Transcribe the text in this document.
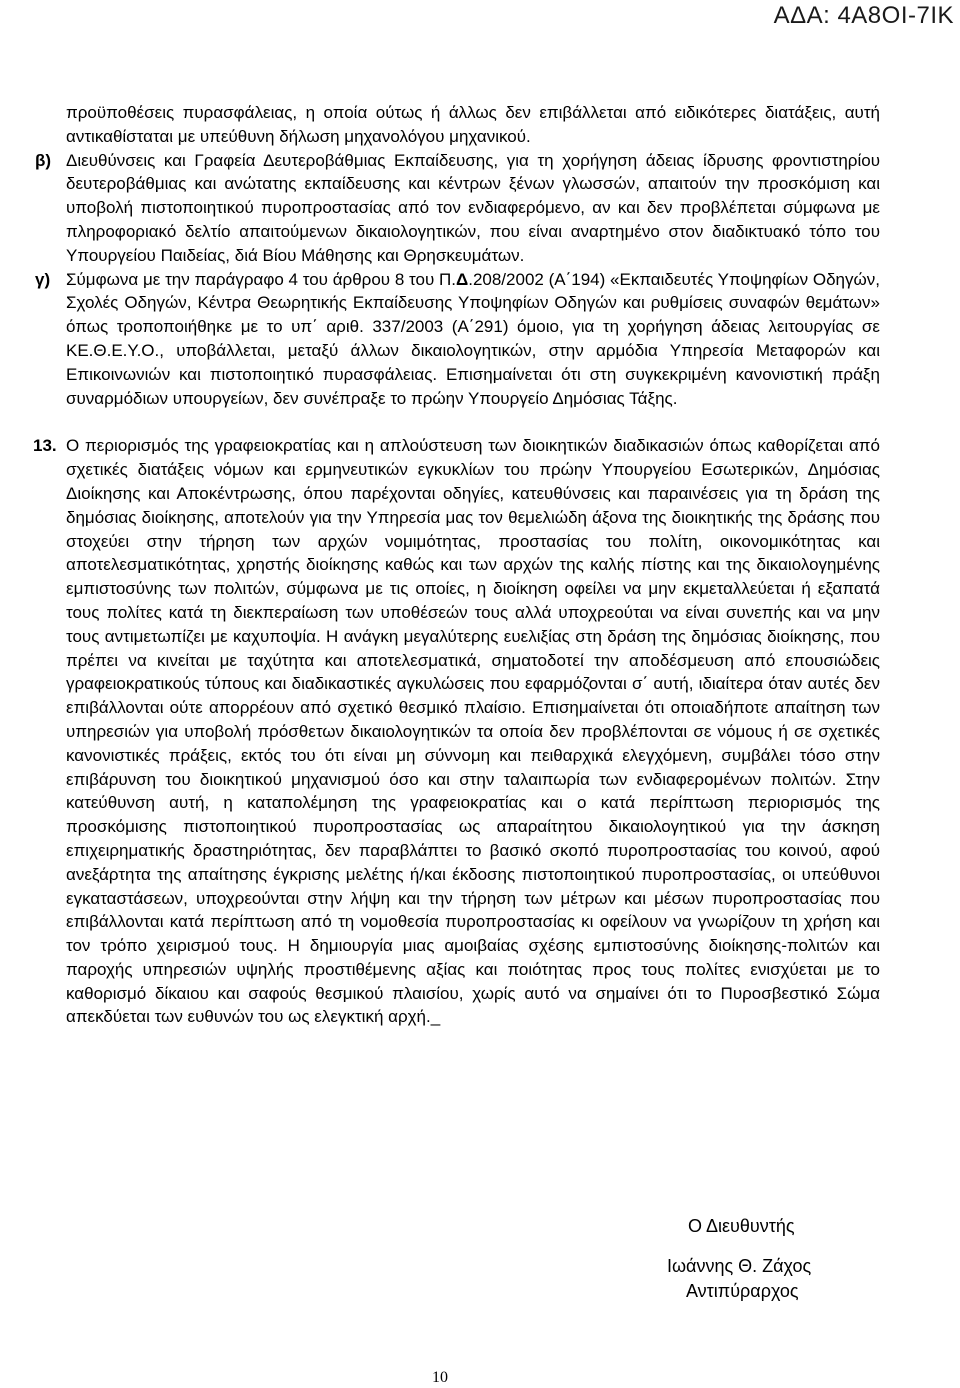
ΑΔΑ: 4Α8ΟΙ-7ΙΚ

προϋποθέσεις πυρασφάλειας, η οποία ούτως ή άλλως δεν επιβάλλεται από ειδικότερες διατάξεις, αυτή αντικαθίσταται με υπεύθυνη δήλωση μηχανολόγου μηχανικού.

β) Διευθύνσεις και Γραφεία Δευτεροβάθμιας Εκπαίδευσης, για τη χορήγηση άδειας ίδρυσης φροντιστηρίου δευτεροβάθμιας και ανώτατης εκπαίδευσης και κέντρων ξένων γλωσσών, απαιτούν την προσκόμιση και υποβολή πιστοποιητικού πυροπροστασίας από τον ενδιαφερόμενο, αν και δεν προβλέπεται σύμφωνα με πληροφοριακό δελτίο απαιτούμενων δικαιολογητικών, που είναι αναρτημένο στον διαδικτυακό τόπο του Υπουργείου Παιδείας, διά Βίου Μάθησης και Θρησκευμάτων.
γ) Σύμφωνα με την παράγραφο 4 του άρθρου 8 του Π.Δ.208/2002 (Α΄194) «Εκπαιδευτές Υποψηφίων Οδηγών, Σχολές Οδηγών, Κέντρα Θεωρητικής Εκπαίδευσης Υποψηφίων Οδηγών και ρυθμίσεις συναφών θεμάτων» όπως τροποποιήθηκε με το υπ΄ αριθ. 337/2003 (Α΄291) όμοιο, για τη χορήγηση άδειας λειτουργίας σε ΚΕ.Θ.Ε.Υ.Ο., υποβάλλεται, μεταξύ άλλων δικαιολογητικών, στην αρμόδια Υπηρεσία Μεταφορών και Επικοινωνιών και πιστοποιητικό πυρασφάλειας. Επισημαίνεται ότι στη συγκεκριμένη κανονιστική πράξη συναρμόδιων υπουργείων, δεν συνέπραξε το πρώην Υπουργείο Δημόσιας Τάξης.
13. Ο περιορισμός της γραφειοκρατίας και η απλούστευση των διοικητικών διαδικασιών όπως καθορίζεται από σχετικές διατάξεις νόμων και ερμηνευτικών εγκυκλίων του πρώην Υπουργείου Εσωτερικών, Δημόσιας Διοίκησης και Αποκέντρωσης, όπου παρέχονται οδηγίες, κατευθύνσεις και παραινέσεις για τη δράση της δημόσιας διοίκησης, αποτελούν για την Υπηρεσία μας τον θεμελιώδη άξονα της διοικητικής της δράσης που στοχεύει στην τήρηση των αρχών νομιμότητας, προστασίας του πολίτη, οικονομικότητας και αποτελεσματικότητας, χρηστής διοίκησης καθώς και των αρχών της καλής πίστης και της δικαιολογημένης εμπιστοσύνης των πολιτών, σύμφωνα με τις οποίες, η διοίκηση οφείλει να μην εκμεταλλεύεται ή εξαπατά τους πολίτες κατά τη διεκπεραίωση των υποθέσεών τους αλλά υποχρεούται να είναι συνεπής και να μην τους αντιμετωπίζει με καχυποψία. Η ανάγκη μεγαλύτερης ευελιξίας στη δράση της δημόσιας διοίκησης, που πρέπει να κινείται με ταχύτητα και αποτελεσματικά, σηματοδοτεί την αποδέσμευση από επουσιώδεις γραφειοκρατικούς τύπους και διαδικαστικές αγκυλώσεις που εφαρμόζονται σ΄ αυτή, ιδιαίτερα όταν αυτές δεν επιβάλλονται ούτε απορρέουν από σχετικό θεσμικό πλαίσιο. Επισημαίνεται ότι οποιαδήποτε απαίτηση των υπηρεσιών για υποβολή πρόσθετων δικαιολογητικών τα οποία δεν προβλέπονται σε νόμους ή σε σχετικές κανονιστικές πράξεις, εκτός του ότι είναι μη σύννομη και πειθαρχικά ελεγχόμενη, συμβάλει τόσο στην επιβάρυνση του διοικητικού μηχανισμού όσο και στην ταλαιπωρία των ενδιαφερομένων πολιτών. Στην κατεύθυνση αυτή, η καταπολέμηση της γραφειοκρατίας και ο κατά περίπτωση περιορισμός της προσκόμισης πιστοποιητικού πυροπροστασίας ως απαραίτητου δικαιολογητικού για την άσκηση επιχειρηματικής δραστηριότητας, δεν παραβλάπτει το βασικό σκοπό πυροπροστασίας του κοινού, αφού ανεξάρτητα της απαίτησης έγκρισης μελέτης ή/και έκδοσης πιστοποιητικού πυροπροστασίας, οι υπεύθυνοι εγκαταστάσεων, υποχρεούνται στην λήψη και την τήρηση των μέτρων και μέσων πυροπροστασίας που επιβάλλονται κατά περίπτωση από τη νομοθεσία πυροπροστασίας κι οφείλουν να γνωρίζουν τη χρήση και τον τρόπο χειρισμού τους. Η δημιουργία μιας αμοιβαίας σχέσης εμπιστοσύνης διοίκησης-πολιτών και παροχής υπηρεσιών υψηλής προστιθέμενης αξίας και ποιότητας προς τους πολίτες ενισχύεται με το καθορισμό δίκαιου και σαφούς θεσμικού πλαισίου, χωρίς αυτό να σημαίνει ότι το Πυροσβεστικό Σώμα απεκδύεται των ευθυνών του ως ελεγκτική αρχή._
Ο Διευθυντής
Ιωάννης Θ. Ζάχος
Αντιπύραρχος
10
